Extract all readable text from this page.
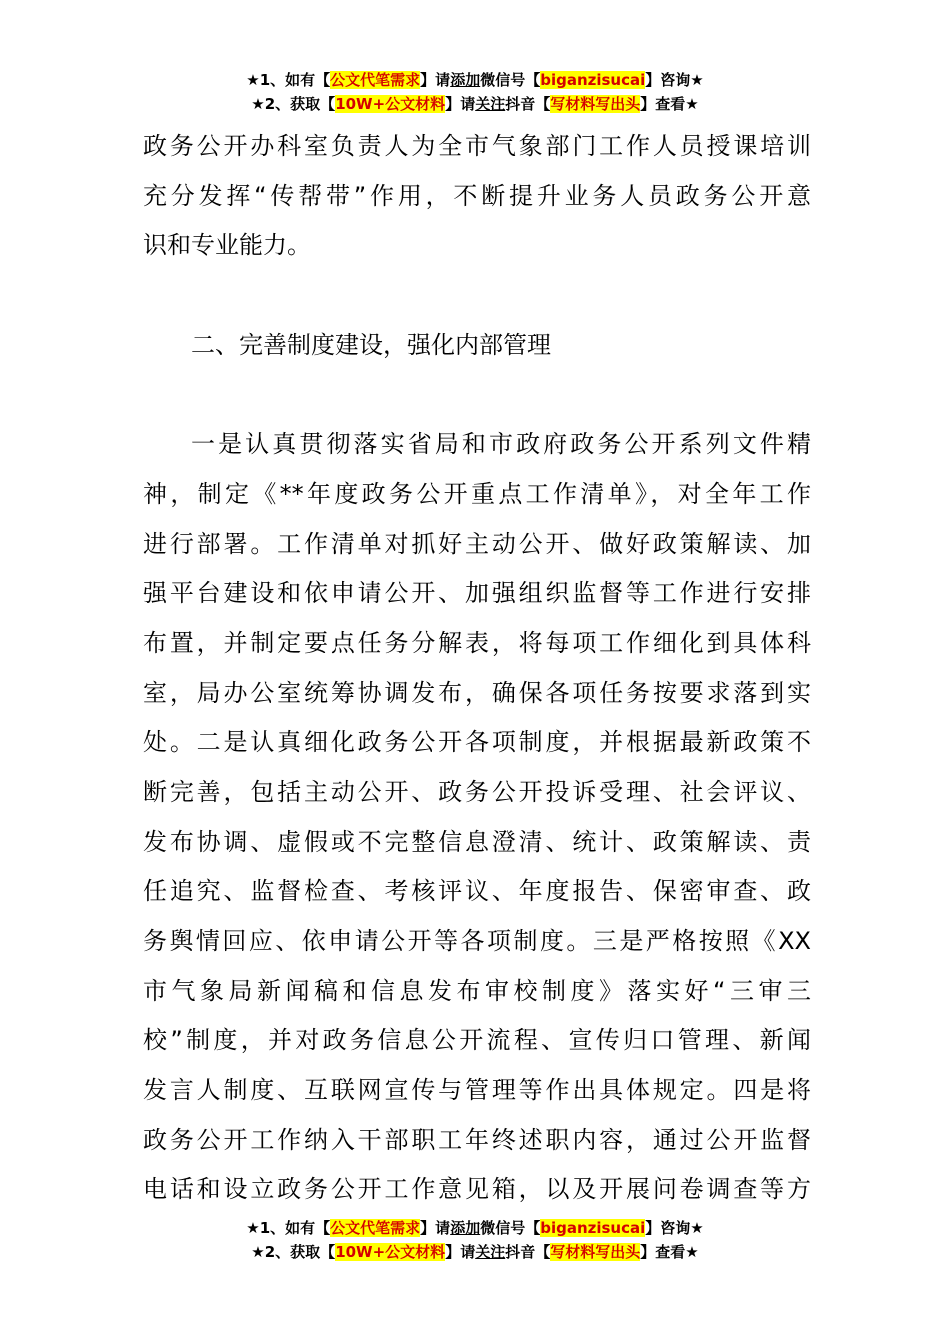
★1、如有【公文代笔需求】请添加微信号【biganzisucai】咨询★
★2、获取【10W+公文材料】请关注抖音【写材料写出头】查看★
政务公开办科室负责人为全市气象部门工作人员授课培训
充分发挥“传帮带”作用，不断提升业务人员政务公开意
识和专业能力。
二、完善制度建设，强化内部管理
一是认真贯彻落实省局和市政府政务公开系列文件精
神，制定《**年度政务公开重点工作清单》，对全年工作
进行部署。工作清单对抓好主动公开、做好政策解读、加
强平台建设和依申请公开、加强组织监督等工作进行安排
布置，并制定要点任务分解表，将每项工作细化到具体科
室，局办公室统筹协调发布，确保各项任务按要求落到实
处。二是认真细化政务公开各项制度，并根据最新政策不
断完善，包括主动公开、政务公开投诉受理、社会评议、
发布协调、虚假或不完整信息澄清、统计、政策解读、责
任追究、监督检查、考核评议、年度报告、保密审查、政
务舆情回应、依申请公开等各项制度。三是严格按照《XX
市气象局新闻稿和信息发布审校制度》落实好“三审三
校”制度，并对政务信息公开流程、宣传归口管理、新闻
发言人制度、互联网宣传与管理等作出具体规定。四是将
政务公开工作纳入干部职工年终述职内容，通过公开监督
电话和设立政务公开工作意见箱，以及开展问卷调查等方
★1、如有【公文代笔需求】请添加微信号【biganzisucai】咨询★
★2、获取【10W+公文材料】请关注抖音【写材料写出头】查看★
